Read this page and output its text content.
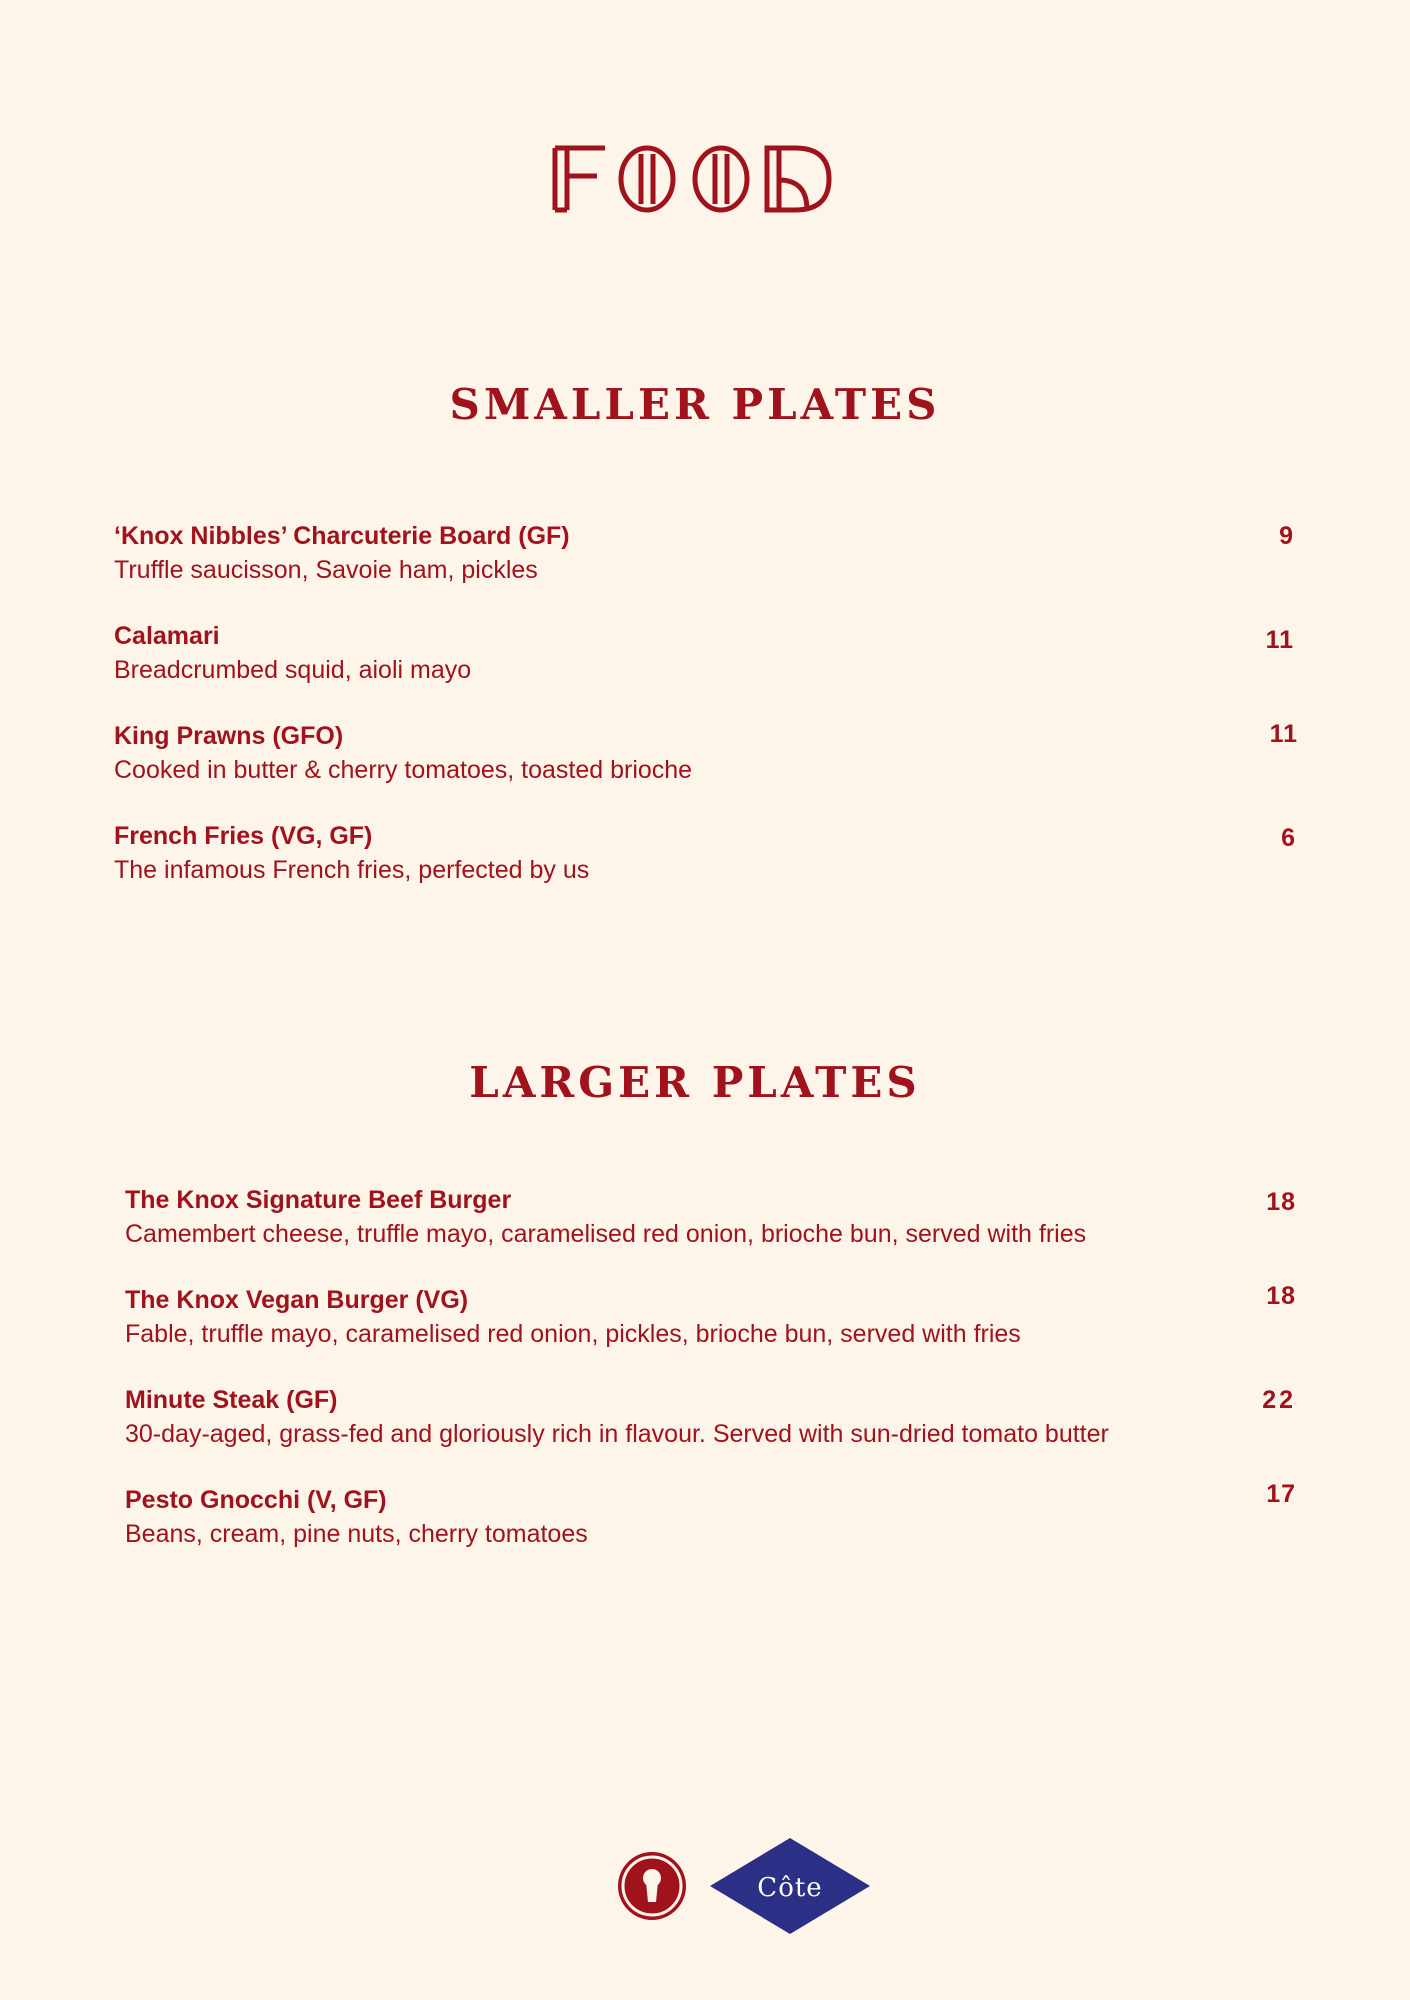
FOOD
SMALLER PLATES
‘Knox Nibbles’ Charcuterie Board (GF)
Truffle saucisson, Savoie ham, pickles
9
Calamari
Breadcrumbed squid, aioli mayo
11
King Prawns (GFO)
Cooked in butter & cherry tomatoes, toasted brioche
11
French Fries (VG, GF)
The infamous French fries, perfected by us
6
LARGER PLATES
The Knox Signature Beef Burger
Camembert cheese, truffle mayo, caramelised red onion, brioche bun, served with fries
18
The Knox Vegan Burger (VG)
Fable, truffle mayo, caramelised red onion, pickles, brioche bun, served with fries
18
Minute Steak (GF)
30-day-aged, grass-fed and gloriously rich in flavour. Served with sun-dried tomato butter
22
Pesto Gnocchi (V, GF)
Beans, cream, pine nuts, cherry tomatoes
17
Côte
